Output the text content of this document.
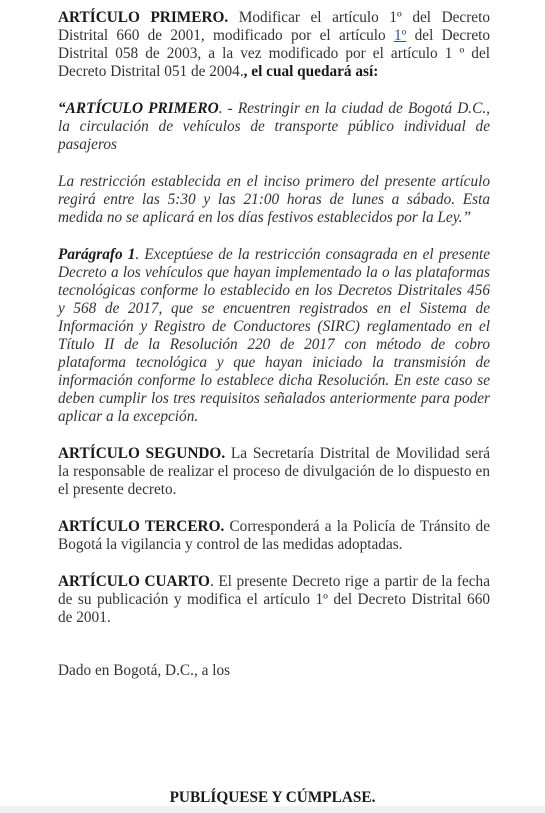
ARTÍCULO PRIMERO. Modificar el artículo 1º del Decreto Distrital 660 de 2001, modificado por el artículo 1º del Decreto Distrital 058 de 2003, a la vez modificado por el artículo 1 º del Decreto Distrital 051 de 2004., el cual quedará así:

“ARTÍCULO PRIMERO. - Restringir en la ciudad de Bogotá D.C., la circulación de vehículos de transporte público individual de pasajeros

La restricción establecida en el inciso primero del presente artículo regirá entre las 5:30 y las 21:00 horas de lunes a sábado. Esta medida no se aplicará en los días festivos establecidos por la Ley.”

Parágrafo 1. Exceptúese de la restricción consagrada en el presente Decreto a los vehículos que hayan implementado la o las plataformas tecnológicas conforme lo establecido en los Decretos Distritales 456 y 568 de 2017, que se encuentren registrados en el Sistema de Información y Registro de Conductores (SIRC) reglamentado en el Título II de la Resolución 220 de 2017 con método de cobro plataforma tecnológica y que hayan iniciado la transmisión de información conforme lo establece dicha Resolución. En este caso se deben cumplir los tres requisitos señalados anteriormente para poder aplicar a la excepción.

ARTÍCULO SEGUNDO. La Secretaría Distrital de Movilidad será la responsable de realizar el proceso de divulgación de lo dispuesto en el presente decreto.

ARTÍCULO TERCERO. Corresponderá a la Policía de Tránsito de Bogotá la vigilancia y control de las medidas adoptadas.

ARTÍCULO CUARTO. El presente Decreto rige a partir de la fecha de su publicación y modifica el artículo 1º del Decreto Distrital 660 de 2001.

Dado en Bogotá, D.C., a los

PUBLÍQUESE Y CÚMPLASE.
